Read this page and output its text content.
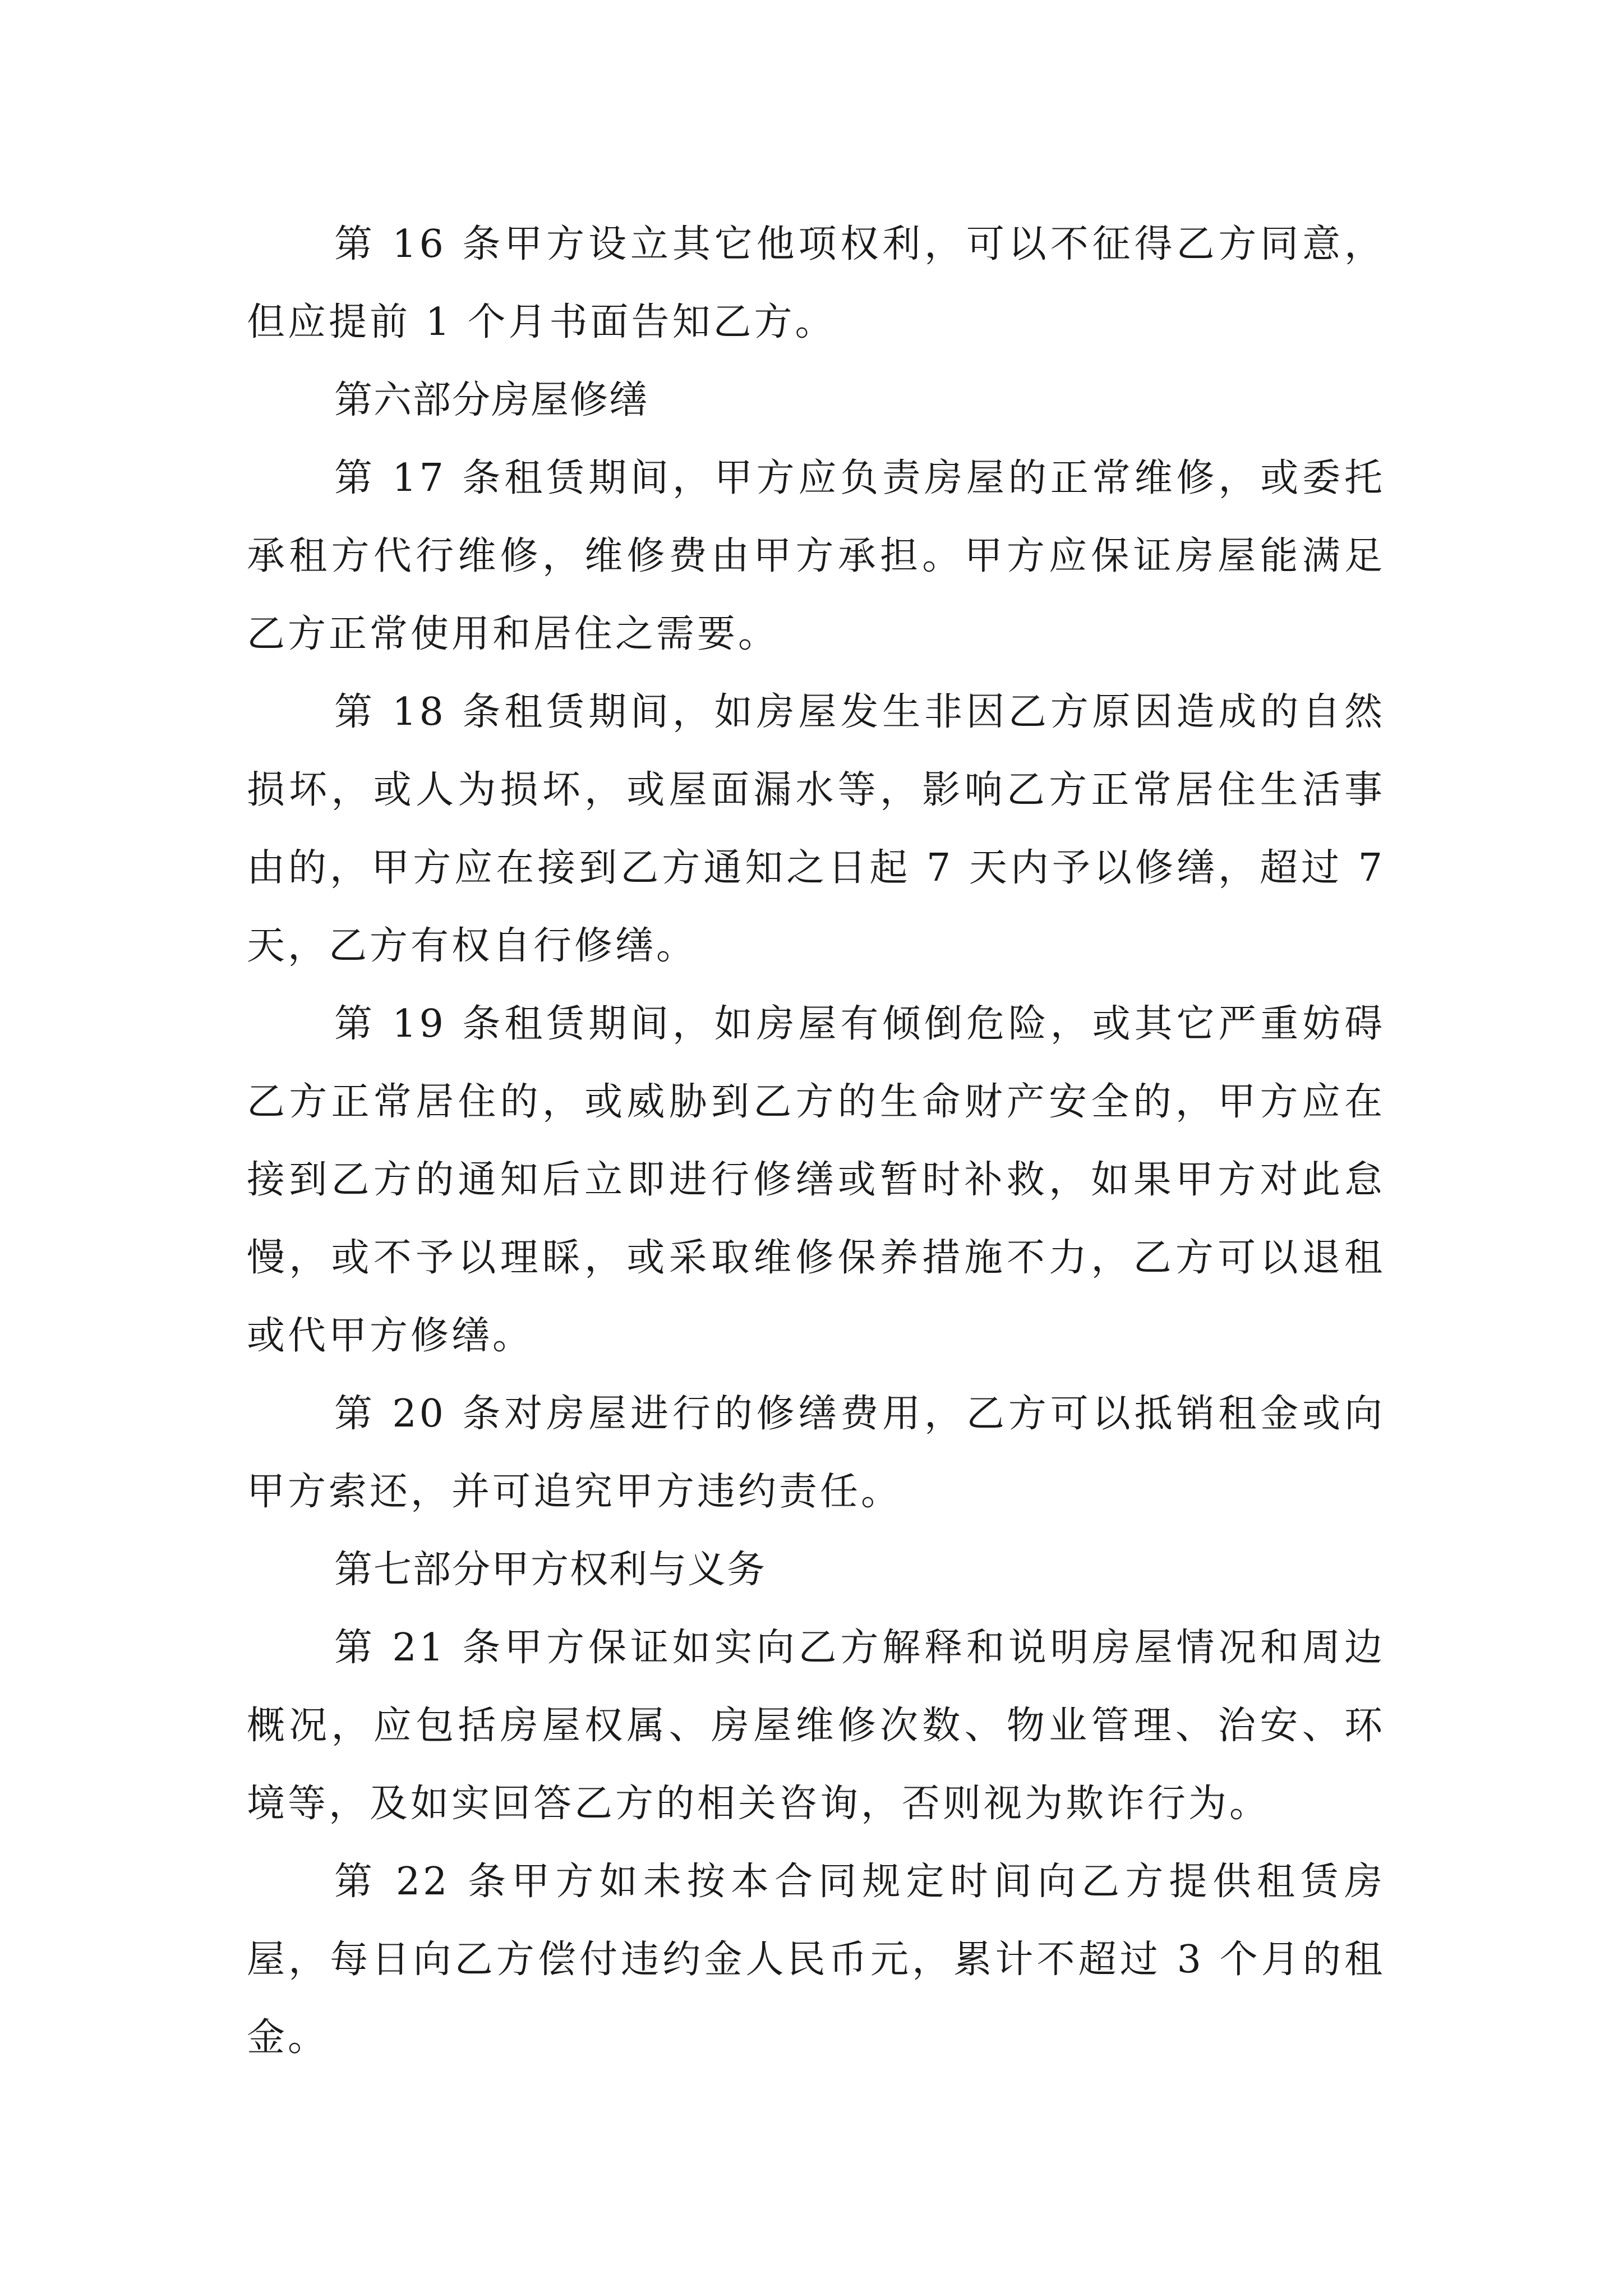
第 16 条甲方设立其它他项权利，可以不征得乙方同意，但应提前 1 个月书面告知乙方。

第六部分房屋修缮

第 17 条租赁期间，甲方应负责房屋的正常维修，或委托承租方代行维修，维修费由甲方承担。甲方应保证房屋能满足乙方正常使用和居住之需要。

第 18 条租赁期间，如房屋发生非因乙方原因造成的自然损坏，或人为损坏，或屋面漏水等，影响乙方正常居住生活事由的，甲方应在接到乙方通知之日起 7 天内予以修缮，超过 7 天，乙方有权自行修缮。

第 19 条租赁期间，如房屋有倾倒危险，或其它严重妨碍乙方正常居住的，或威胁到乙方的生命财产安全的，甲方应在接到乙方的通知后立即进行修缮或暂时补救，如果甲方对此怠慢，或不予以理睬，或采取维修保养措施不力，乙方可以退租或代甲方修缮。

第 20 条对房屋进行的修缮费用，乙方可以抵销租金或向甲方索还，并可追究甲方违约责任。

第七部分甲方权利与义务

第 21 条甲方保证如实向乙方解释和说明房屋情况和周边概况，应包括房屋权属、房屋维修次数、物业管理、治安、环境等，及如实回答乙方的相关咨询，否则视为欺诈行为。

第 22 条甲方如未按本合同规定时间向乙方提供租赁房屋，每日向乙方偿付违约金人民币元，累计不超过 3 个月的租金。
